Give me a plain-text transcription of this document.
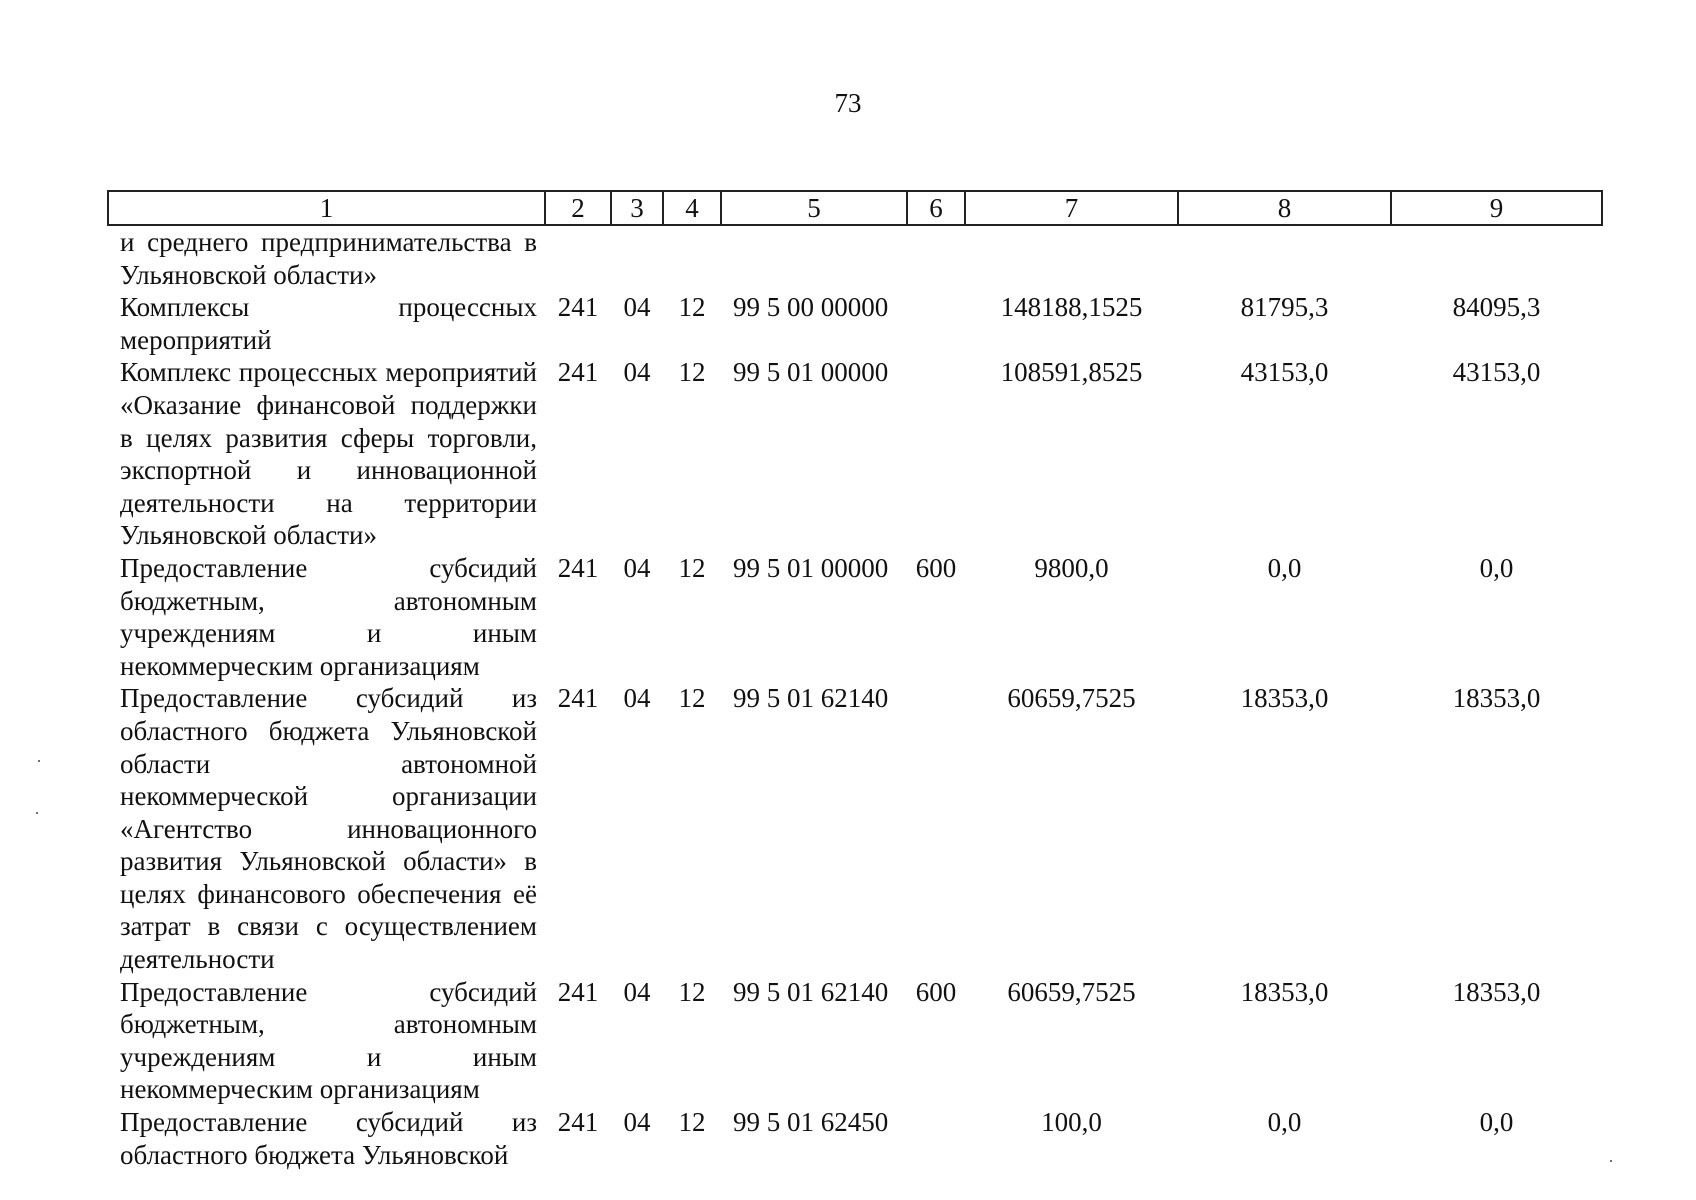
73
1	2	3	4	5	6	7	8	9
и среднего предпринимательства в Ульяновской области»								
Комплексы процессных мероприятий	241	04	12	99 5 00 00000		148188,1525	81795,3	84095,3
Комплекс процессных мероприятий «Оказание финансовой поддержки в целях развития сферы торговли, экспортной и инновационной деятельности на территории Ульяновской области»	241	04	12	99 5 01 00000		108591,8525	43153,0	43153,0
Предоставление субсидий бюджетным, автономным учреждениям и иным некоммерческим организациям	241	04	12	99 5 01 00000	600	9800,0	0,0	0,0
Предоставление субсидий из областного бюджета Ульяновской области автономной некоммерческой организации «Агентство инновационного развития Ульяновской области» в целях финансового обеспечения её затрат в связи с осуществлением деятельности	241	04	12	99 5 01 62140		60659,7525	18353,0	18353,0
Предоставление субсидий бюджетным, автономным учреждениям и иным некоммерческим организациям	241	04	12	99 5 01 62140	600	60659,7525	18353,0	18353,0
Предоставление субсидий из областного бюджета Ульяновской	241	04	12	99 5 01 62450		100,0	0,0	0,0
